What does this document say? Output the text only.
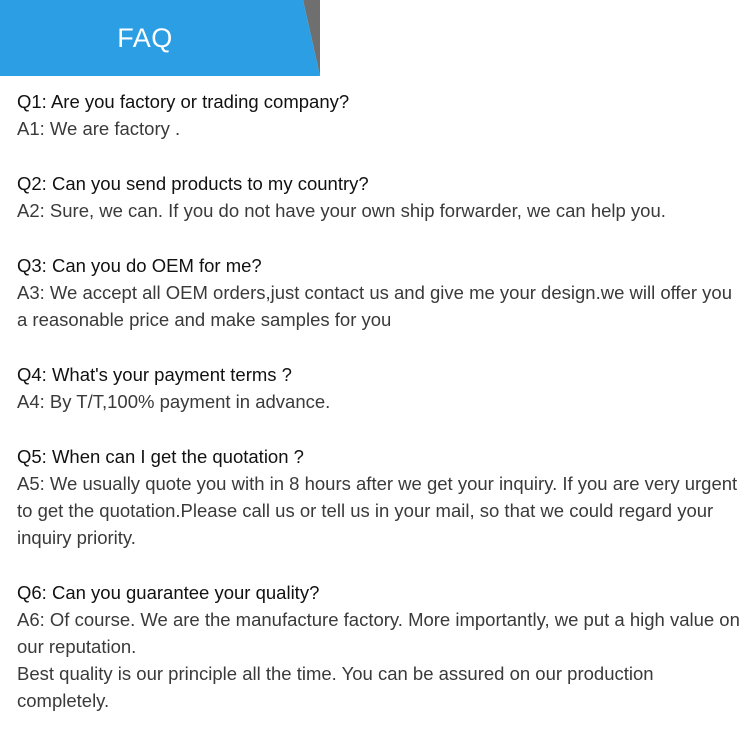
FAQ
Q1: Are you factory or trading company?

A1: We are factory .

Q2: Can you send products to my country?

A2: Sure, we can. If you do not have your own ship forwarder, we can help you.

Q3: Can you do OEM for me?

A3: We accept all OEM orders,just contact us and give me your design.we will offer you a reasonable price and make samples for you

Q4: What's your payment terms ?

A4: By T/T,100% payment in advance.

Q5: When can I get the quotation ?

A5: We usually quote you with in 8 hours after we get your inquiry. If you are very urgent to get the quotation.Please call us or tell us in your mail, so that we could regard your inquiry priority.

Q6: Can you guarantee your quality?

A6: Of course. We are the manufacture factory. More importantly, we put a high value on our reputation.

Best quality is our principle all the time. You can be assured on our production completely.
